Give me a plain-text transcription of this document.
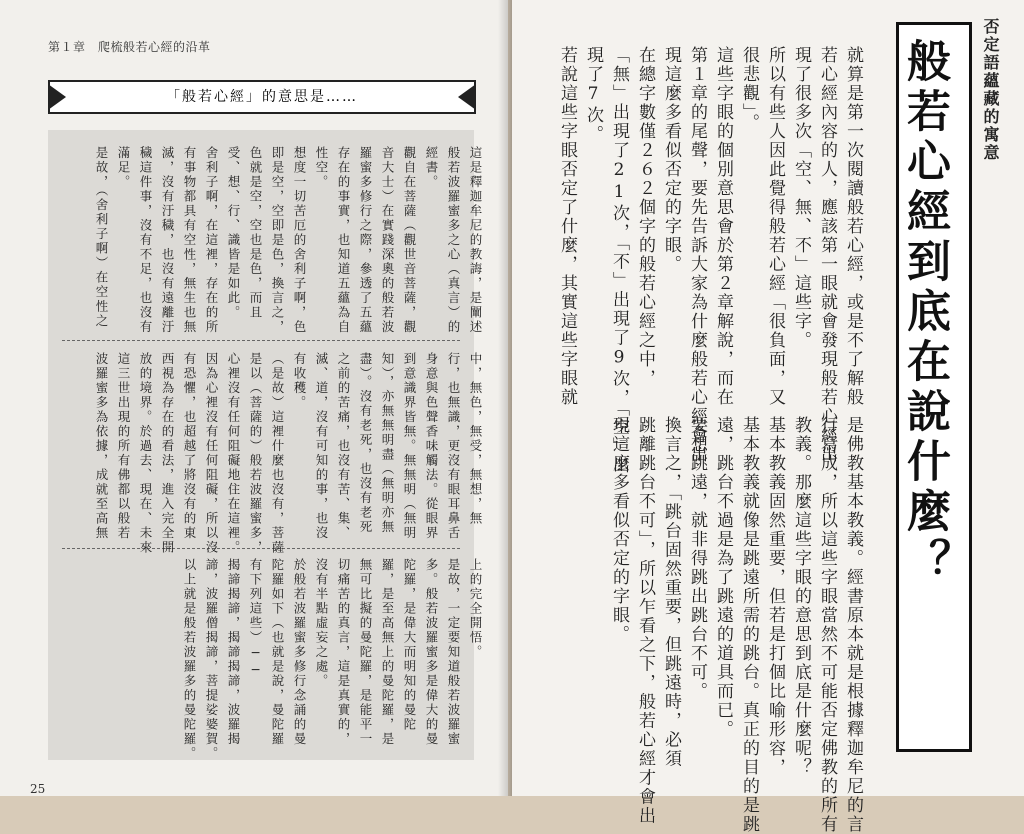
第１章　爬梳般若心經的沿革
「般若心經」的意思是……
這是釋迦牟尼的教誨，是闡述
般若波羅蜜多之心（真言）的
經書。
觀自在菩薩（觀世音菩薩，觀
音大士）在實踐深奧的般若波
羅蜜多修行之際，參透了五蘊
存在的事實，也知道五蘊為自
性空。
想度一切苦厄的舍利子啊，色
即是空，空即是色，換言之，
色就是空，空也是色，而且
受、想、行、識皆是如此。
舍利子啊，在這裡，存在的所
有事物都具有空性，無生也無
滅，沒有汙穢，也沒有遠離汙
穢這件事，沒有不足，也沒有
滿足。
是故，（舍利子啊）在空性之
中，無色，無受，無想，無
行，也無識，更沒有眼耳鼻舌
身意與色聲香味觸法。從眼界
到意識界皆無。無無明（無明
知），亦無無明盡（無明亦無
盡）。沒有老死，也沒有老死
之前的苦痛，也沒有苦、集、
滅、道，沒有可知的事，也沒
有收穫。
（是故）這裡什麼也沒有，菩薩
是以（菩薩的）般若波羅蜜多，
心裡沒有任何阻礙地住在這裡。
因為心裡沒有任何阻礙，所以沒
有恐懼，也超越了將沒有的東
西視為存在的看法，進入完全開
放的境界。於過去、現在、未來
這三世出現的所有佛都以般若
波羅蜜多為依據，成就至高無
上的完全開悟。
是故，一定要知道般若波羅蜜
多。般若波羅蜜多是偉大的曼
陀羅，是偉大而明知的曼陀
羅，是至高無上的曼陀羅，是
無可比擬的曼陀羅，是能平一
切痛苦的真言，這是真實的，
沒有半點虛妄之處。
於般若波羅蜜多修行念誦的曼
陀羅如下（也就是說，曼陀羅
有下列這些）──
揭諦揭諦，揭諦揭諦，波羅揭
諦，波羅僧揭諦，菩提娑婆賀。
以上就是般若波羅多的曼陀羅。
25
否定語蘊藏的寓意
般若心經到底在說什麼？
就算是第一次閱讀般若心經，或是不了解般
若心經內容的人，應該第一眼就會發現般若心經出
現了很多次「空、無、不」這些字。
所以有些人因此覺得般若心經「很負面，又
很悲觀」。
這些字眼的個別意思會於第２章解說，而在
第１章的尾聲，要先告訴大家為什麼般若心經會出
現這麼多看似否定的字眼。
在總字數僅２６２個字的般若心經之中，
「無」出現了21次，「不」出現了9次，「空」出
現了7次。
若說這些字眼否定了什麼，其實這些字眼就
是佛教基本教義。經書原本就是根據釋迦牟尼的言
行寫成，所以這些字眼當然不可能否定佛教的所有
教義。那麼這些字眼的意思到底是什麼呢？
基本教義固然重要，但若是打個比喻形容，
基本教義就像是跳遠所需的跳台。真正的目的是跳
遠，跳台不過是為了跳遠的道具而已。
要想跳遠，就非得跳出跳台不可。
換言之，「跳台固然重要，但跳遠時，必須
跳離跳台不可」，所以乍看之下，般若心經才會出
現這麼多看似否定的字眼。
